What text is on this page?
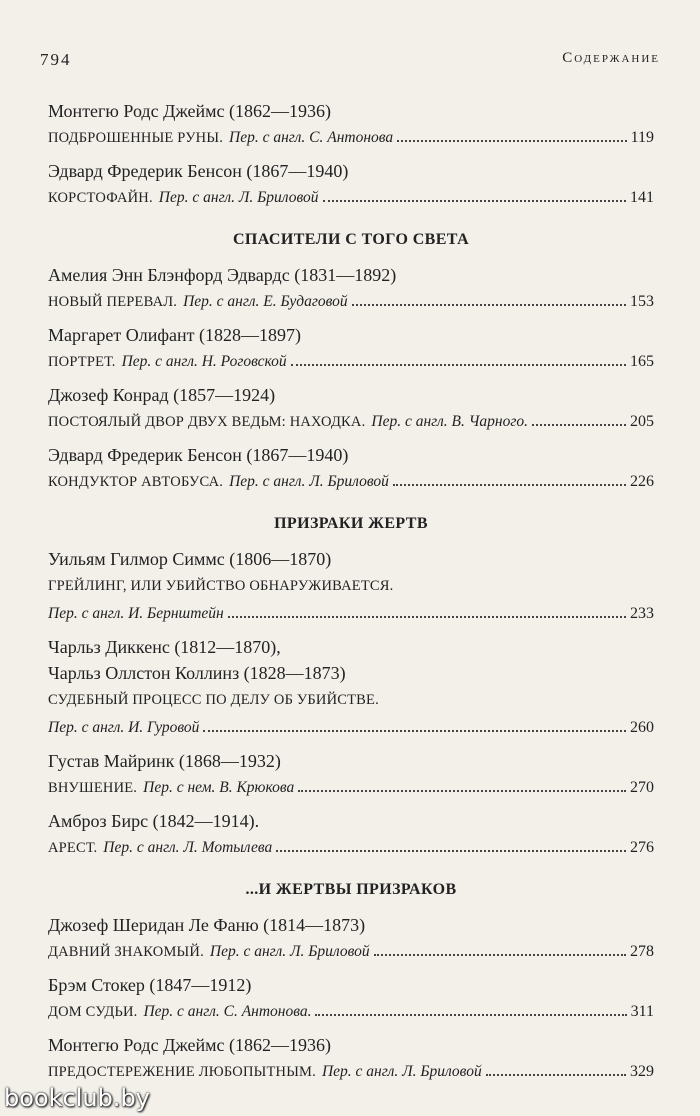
794	Содержание
Монтегю Родс Джеймс (1862—1936)
ПОДБРОШЕННЫЕ РУНЫ. Пер. с англ. С. Антонова	119
Эдвард Фредерик Бенсон (1867—1940)
КОРСТОФАЙН. Пер. с англ. Л. Бриловой	141
СПАСИТЕЛИ С ТОГО СВЕТА
Амелия Энн Блэнфорд Эдвардс (1831—1892)
НОВЫЙ ПЕРЕВАЛ. Пер. с англ. Е. Будаговой	153
Маргарет Олифант (1828—1897)
ПОРТРЕТ. Пер. с англ. Н. Роговской	165
Джозеф Конрад (1857—1924)
ПОСТОЯЛЫЙ ДВОР ДВУХ ВЕДЬМ: НАХОДКА. Пер. с англ. В. Чарного.	205
Эдвард Фредерик Бенсон (1867—1940)
КОНДУКТОР АВТОБУСА. Пер. с англ. Л. Бриловой	226
ПРИЗРАКИ ЖЕРТВ
Уильям Гилмор Симмс (1806—1870)
ГРЕЙЛИНГ, ИЛИ УБИЙСТВО ОБНАРУЖИВАЕТСЯ.
Пер. с англ. И. Бернштейн	233
Чарльз Диккенс (1812—1870),
Чарльз Оллстон Коллинз (1828—1873)
СУДЕБНЫЙ ПРОЦЕСС ПО ДЕЛУ ОБ УБИЙСТВЕ.
Пер. с англ. И. Гуровой	260
Густав Майринк (1868—1932)
ВНУШЕНИЕ. Пер. с нем. В. Крюкова	270
Амброз Бирс (1842—1914).
АРЕСТ. Пер. с англ. Л. Мотылева	276
...И ЖЕРТВЫ ПРИЗРАКОВ
Джозеф Шеридан Ле Фаню (1814—1873)
ДАВНИЙ ЗНАКОМЫЙ. Пер. с англ. Л. Бриловой	278
Брэм Стокер (1847—1912)
ДОМ СУДЬИ. Пер. с англ. С. Антонова.	311
Монтегю Родс Джеймс (1862—1936)
ПРЕДОСТЕРЕЖЕНИЕ ЛЮБОПЫТНЫМ. Пер. с англ. Л. Бриловой	329
bookclub.by
